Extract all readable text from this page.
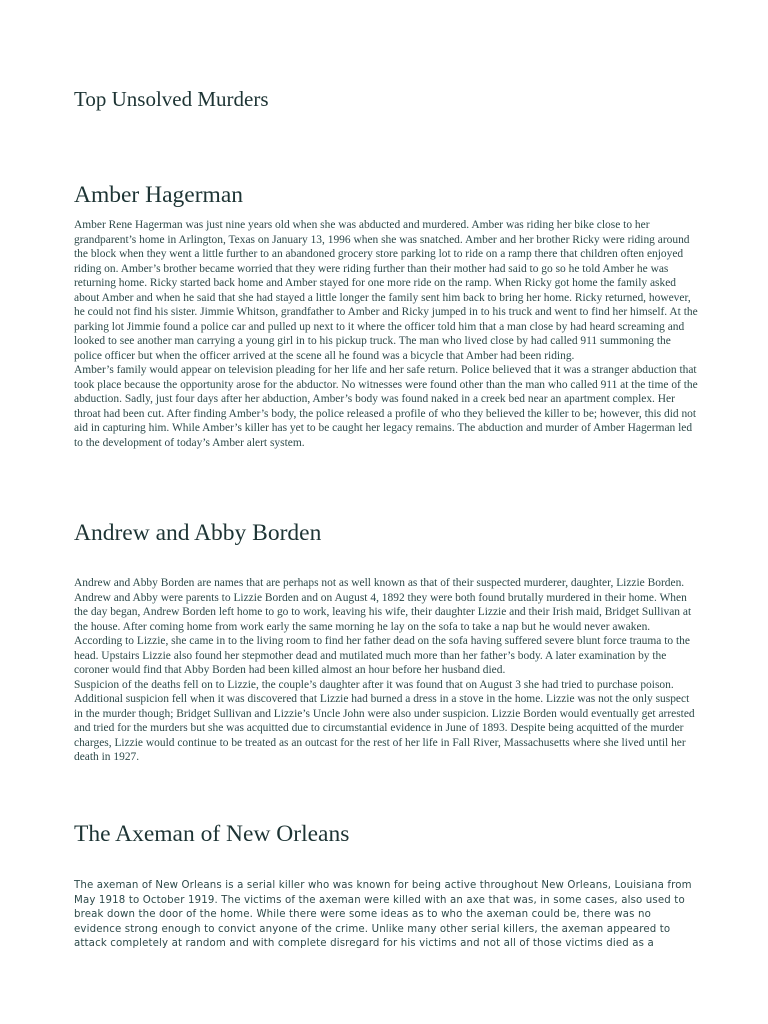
Top Unsolved Murders
Amber Hagerman

Amber Rene Hagerman was just nine years old when she was abducted and murdered. Amber was riding her bike close to her grandparent’s home in Arlington, Texas on January 13, 1996 when she was snatched. Amber and her brother Ricky were riding around the block when they went a little further to an abandoned grocery store parking lot to ride on a ramp there that children often enjoyed riding on. Amber’s brother became worried that they were riding further than their mother had said to go so he told Amber he was returning home. Ricky started back home and Amber stayed for one more ride on the ramp. When Ricky got home the family asked about Amber and when he said that she had stayed a little longer the family sent him back to bring her home. Ricky returned, however, he could not find his sister. Jimmie Whitson, grandfather to Amber and Ricky jumped in to his truck and went to find her himself. At the parking lot Jimmie found a police car and pulled up next to it where the officer told him that a man close by had heard screaming and looked to see another man carrying a young girl in to his pickup truck. The man who lived close by had called 911 summoning the police officer but when the officer arrived at the scene all he found was a bicycle that Amber had been riding.

Amber’s family would appear on television pleading for her life and her safe return. Police believed that it was a stranger abduction that took place because the opportunity arose for the abductor. No witnesses were found other than the man who called 911 at the time of the abduction. Sadly, just four days after her abduction, Amber’s body was found naked in a creek bed near an apartment complex. Her throat had been cut. After finding Amber’s body, the police released a profile of who they believed the killer to be; however, this did not aid in capturing him. While Amber’s killer has yet to be caught her legacy remains. The abduction and murder of Amber Hagerman led to the development of today’s Amber alert system.

Andrew and Abby Borden

Andrew and Abby Borden are names that are perhaps not as well known as that of their suspected murderer, daughter, Lizzie Borden. Andrew and Abby were parents to Lizzie Borden and on August 4, 1892 they were both found brutally murdered in their home. When the day began, Andrew Borden left home to go to work, leaving his wife, their daughter Lizzie and their Irish maid, Bridget Sullivan at the house. After coming home from work early the same morning he lay on the sofa to take a nap but he would never awaken. According to Lizzie, she came in to the living room to find her father dead on the sofa having suffered severe blunt force trauma to the head. Upstairs Lizzie also found her stepmother dead and mutilated much more than her father’s body. A later examination by the coroner would find that Abby Borden had been killed almost an hour before her husband died.

Suspicion of the deaths fell on to Lizzie, the couple’s daughter after it was found that on August 3 she had tried to purchase poison. Additional suspicion fell when it was discovered that Lizzie had burned a dress in a stove in the home. Lizzie was not the only suspect in the murder though; Bridget Sullivan and Lizzie’s Uncle John were also under suspicion. Lizzie Borden would eventually get arrested and tried for the murders but she was acquitted due to circumstantial evidence in June of 1893. Despite being acquitted of the murder charges, Lizzie would continue to be treated as an outcast for the rest of her life in Fall River, Massachusetts where she lived until her death in 1927.

The Axeman of New Orleans

The axeman of New Orleans is a serial killer who was known for being active throughout New Orleans, Louisiana from May 1918 to October 1919. The victims of the axeman were killed with an axe that was, in some cases, also used to break down the door of the home. While there were some ideas as to who the axeman could be, there was no evidence strong enough to convict anyone of the crime. Unlike many other serial killers, the axeman appeared to attack completely at random and with complete disregard for his victims and not all of those victims died as a
